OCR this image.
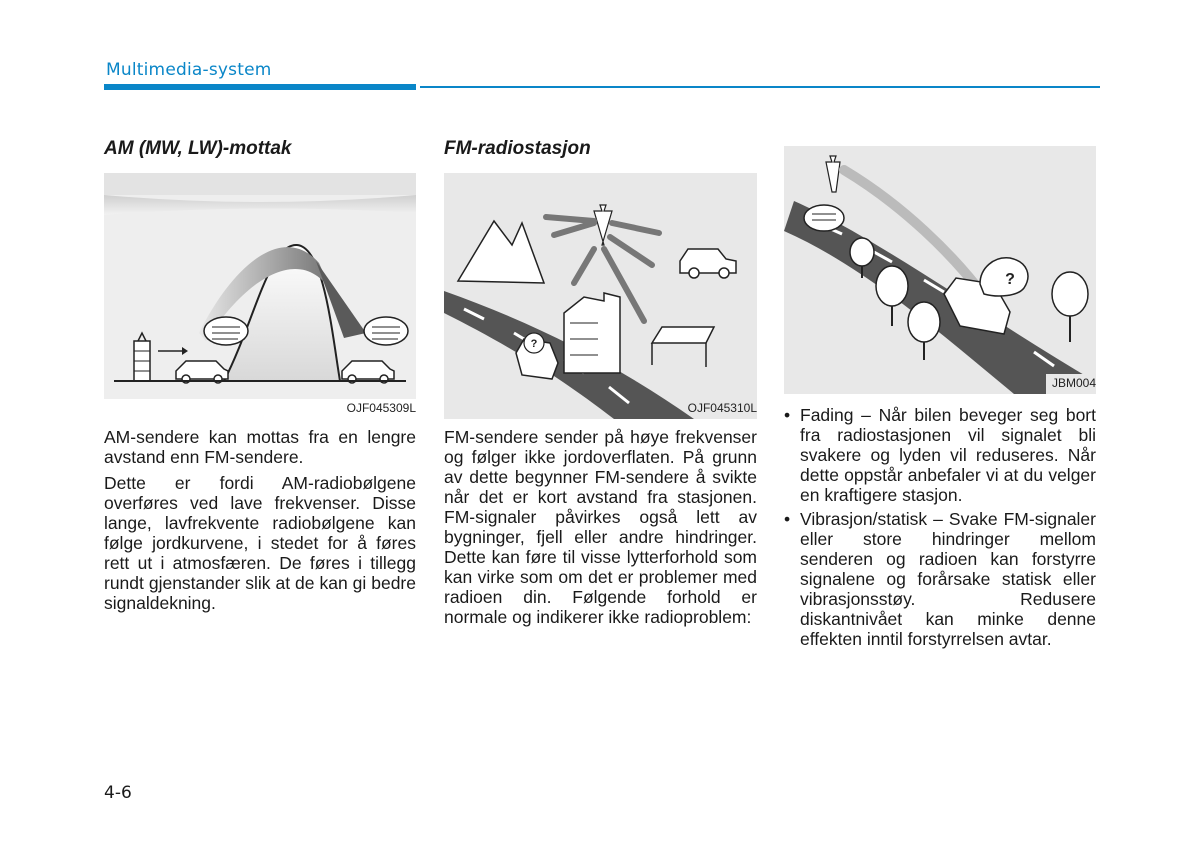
Multimedia-system
AM (MW, LW)-mottak
OJF045309L

AM-sendere kan mottas fra en lengre avstand enn FM-sendere.

Dette er fordi AM-radiobølgene overføres ved lave frekvenser. Disse lange, lavfrekvente radiobølgene kan følge jordkurvene, i stedet for å føres rett ut i atmosfæren. De føres i tillegg rundt gjenstander slik at de kan gi bedre signaldekning.

FM-radiostasjon
?
OJF045310L

FM-sendere sender på høye frekvenser og følger ikke jordoverflaten. På grunn av dette begynner FM-sendere å svikte når det er kort avstand fra stasjonen. FM-signaler påvirkes også lett av bygninger, fjell eller andre hindringer. Dette kan føre til visse lytterforhold som kan virke som om det er problemer med radioen din. Følgende forhold er normale og indikerer ikke radioproblem:

?
JBM004
• Fading – Når bilen beveger seg bort fra radiostasjonen vil signalet bli svakere og lyden vil reduseres. Når dette oppstår anbefaler vi at du velger en kraftigere stasjon.
• Vibrasjon/statisk – Svake FM-signaler eller store hindringer mellom senderen og radioen kan forstyrre signalene og forårsake statisk eller vibrasjonsstøy. Redusere diskantnivået kan minke denne effekten inntil forstyrrelsen avtar.
4-6
